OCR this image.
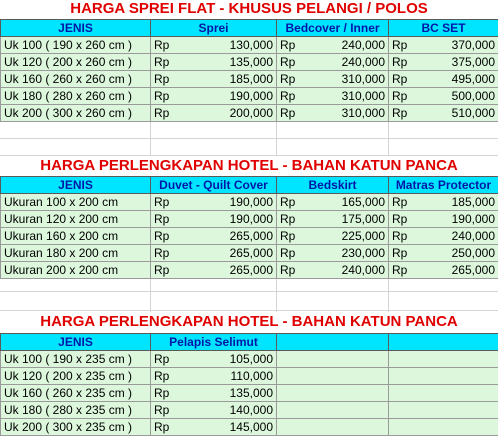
HARGA SPREI FLAT - KHUSUS PELANGI / POLOS
JENIS	Sprei		Bedcover / Inner		BC SET	
Uk 100 ( 190 x 260 cm )	Rp	130,000	Rp	240,000	Rp	370,000
Uk 120 ( 200 x 260 cm )	Rp	135,000	Rp	240,000	Rp	375,000
Uk 160 ( 260 x 260 cm )	Rp	185,000	Rp	310,000	Rp	495,000
Uk 180 ( 280 x 260 cm )	Rp	190,000	Rp	310,000	Rp	500,000
Uk 200 ( 300 x 260 cm )	Rp	200,000	Rp	310,000	Rp	510,000
HARGA PERLENGKAPAN HOTEL - BAHAN KATUN PANCA
JENIS	Duvet - Quilt Cover		Bedskirt		Matras Protector	
Ukuran 100 x 200 cm	Rp	190,000	Rp	165,000	Rp	185,000
Ukuran 120 x 200 cm	Rp	190,000	Rp	175,000	Rp	190,000
Ukuran 160 x 200 cm	Rp	265,000	Rp	225,000	Rp	240,000
Ukuran 180 x 200 cm	Rp	265,000	Rp	230,000	Rp	250,000
Ukuran 200 x 200 cm	Rp	265,000	Rp	240,000	Rp	265,000
HARGA PERLENGKAPAN HOTEL - BAHAN KATUN PANCA
JENIS	Pelapis Selimut			
Uk 100 ( 190 x 235 cm )	Rp	105,000		
Uk 120 ( 200 x 235 cm )	Rp	110,000		
Uk 160 ( 260 x 235 cm )	Rp	135,000		
Uk 180 ( 280 x 235 cm )	Rp	140,000		
Uk 200 ( 300 x 235 cm )	Rp	145,000		
